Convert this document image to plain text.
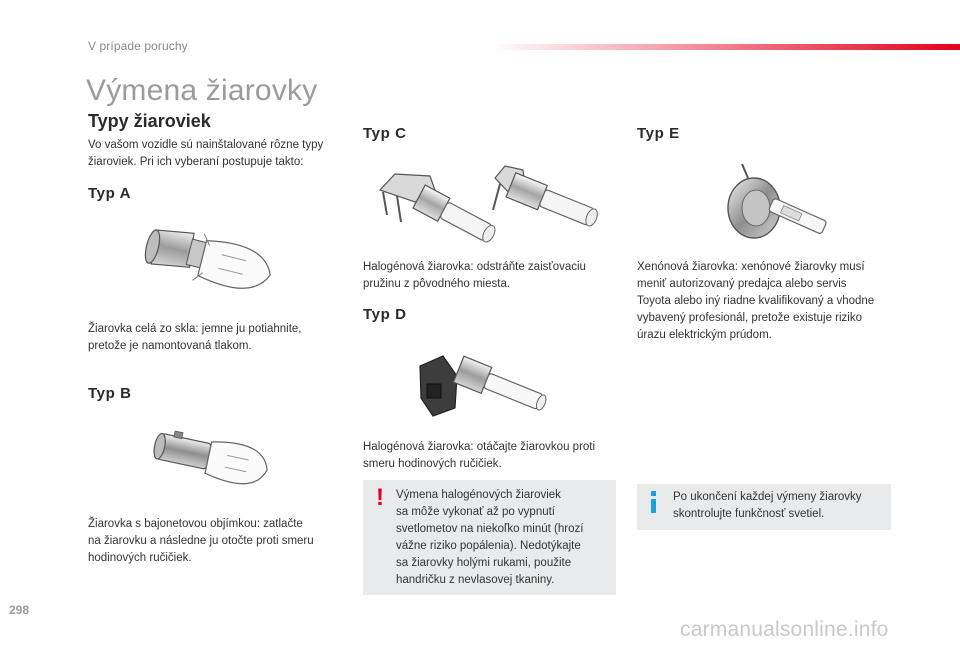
V prípade poruchy
Výmena žiarovky
Typy žiaroviek
Vo vašom vozidle sú nainštalované rôzne typy
žiaroviek. Pri ich vyberaní postupuje takto:
Typ A
Žiarovka celá zo skla: jemne ju potiahnite,
pretože je namontovaná tlakom.
Typ B
Žiarovka s bajonetovou objímkou: zatlačte
na žiarovku a následne ju otočte proti smeru
hodinových ručičiek.
Typ C
Halogénová žiarovka: odstráňte zaisťovaciu
pružinu z pôvodného miesta.
Typ D
Halogénová žiarovka: otáčajte žiarovkou proti
smeru hodinových ručičiek.
Typ E
Xenónová žiarovka: xenónové žiarovky musí
meniť autorizovaný predajca alebo servis
Toyota alebo iný riadne kvalifikovaný a vhodne
vybavený profesionál, pretože existuje riziko
úrazu elektrickým prúdom.
! Výmena halogénových žiaroviek
sa môže vykonať až po vypnutí
svetlometov na niekoľko minút (hrozí
vážne riziko popálenia). Nedotýkajte
sa žiarovky holými rukami, použite
handričku z nevlasovej tkaniny.
Po ukončení každej výmeny žiarovky
skontrolujte funkčnosť svetiel.
298
carmanualsonline.info
